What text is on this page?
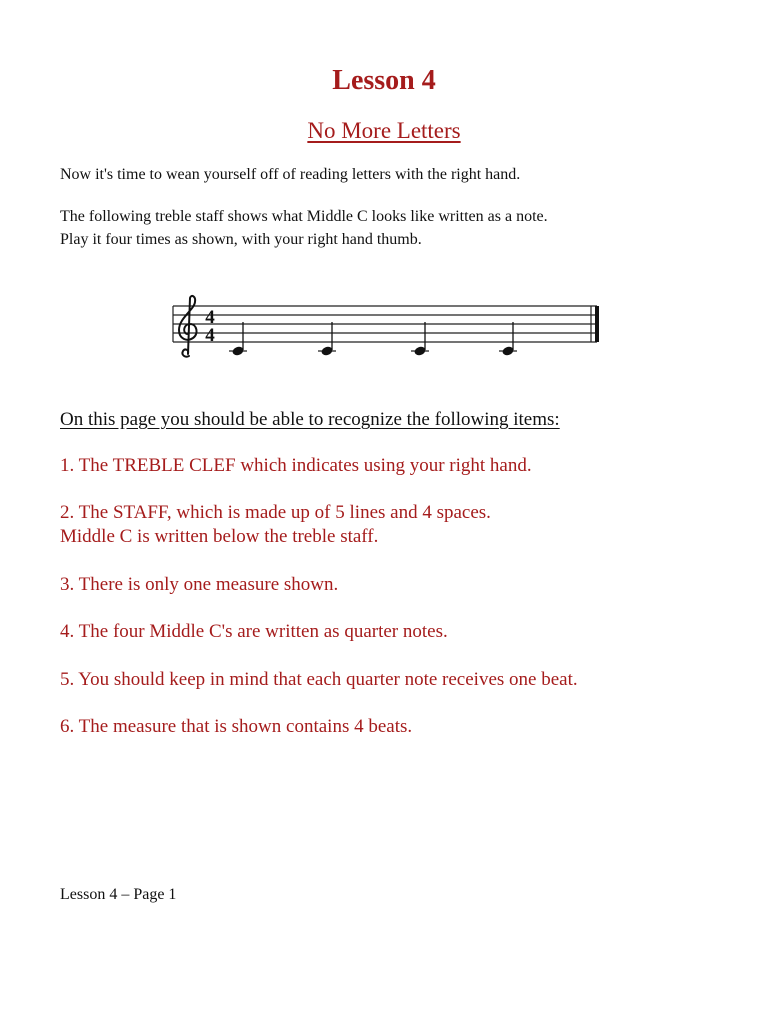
Lesson 4
No More Letters
Now it's time to wean yourself off of reading letters with the right hand.
The following treble staff shows what Middle C looks like written as a note.
Play it four times as shown, with your right hand thumb.
4
4
On this page you should be able to recognize the following items:
1. The TREBLE CLEF which indicates using your right hand.
2. The STAFF, which is made up of 5 lines and 4 spaces.
Middle C is written below the treble staff.
3. There is only one measure shown.
4. The four Middle C's are written as quarter notes.
5. You should keep in mind that each quarter note receives one beat.
6. The measure that is shown contains 4 beats.
Lesson 4 – Page 1
